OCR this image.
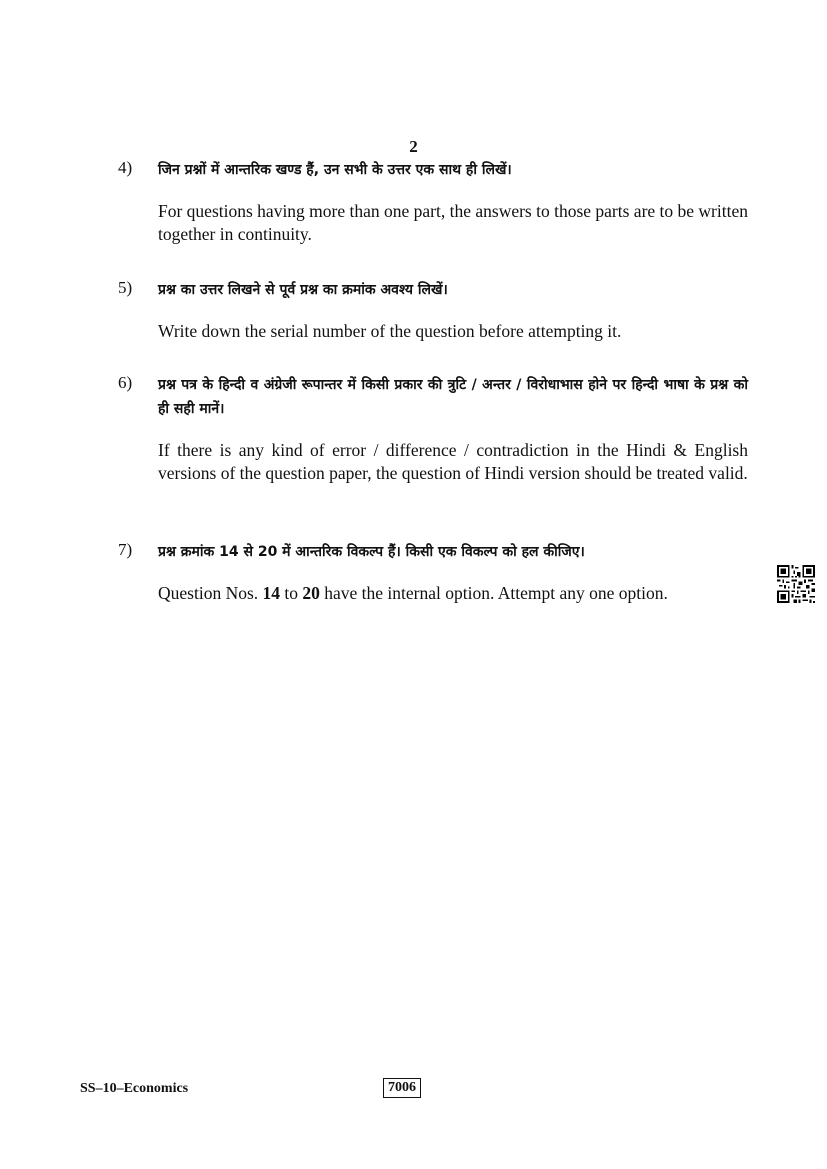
2
4) जिन प्रश्नों में आन्तरिक खण्ड हैं, उन सभी के उत्तर एक साथ ही लिखें।
For questions having more than one part, the answers to those parts are to be written together in continuity.
5) प्रश्न का उत्तर लिखने से पूर्व प्रश्न का क्रमांक अवश्य लिखें।
Write down the serial number of the question before attempting it.
6) प्रश्न पत्र के हिन्दी व अंग्रेजी रूपान्तर में किसी प्रकार की त्रुटि / अन्तर / विरोधाभास होने पर हिन्दी भाषा के प्रश्न को ही सही मानें।
If there is any kind of error / difference / contradiction in the Hindi & English versions of the question paper, the question of Hindi version should be treated valid.
7) प्रश्न क्रमांक 14 से 20 में आन्तरिक विकल्प हैं। किसी एक विकल्प को हल कीजिए।
Question Nos. 14 to 20 have the internal option. Attempt any one option.
SS–10–Economics	7006
